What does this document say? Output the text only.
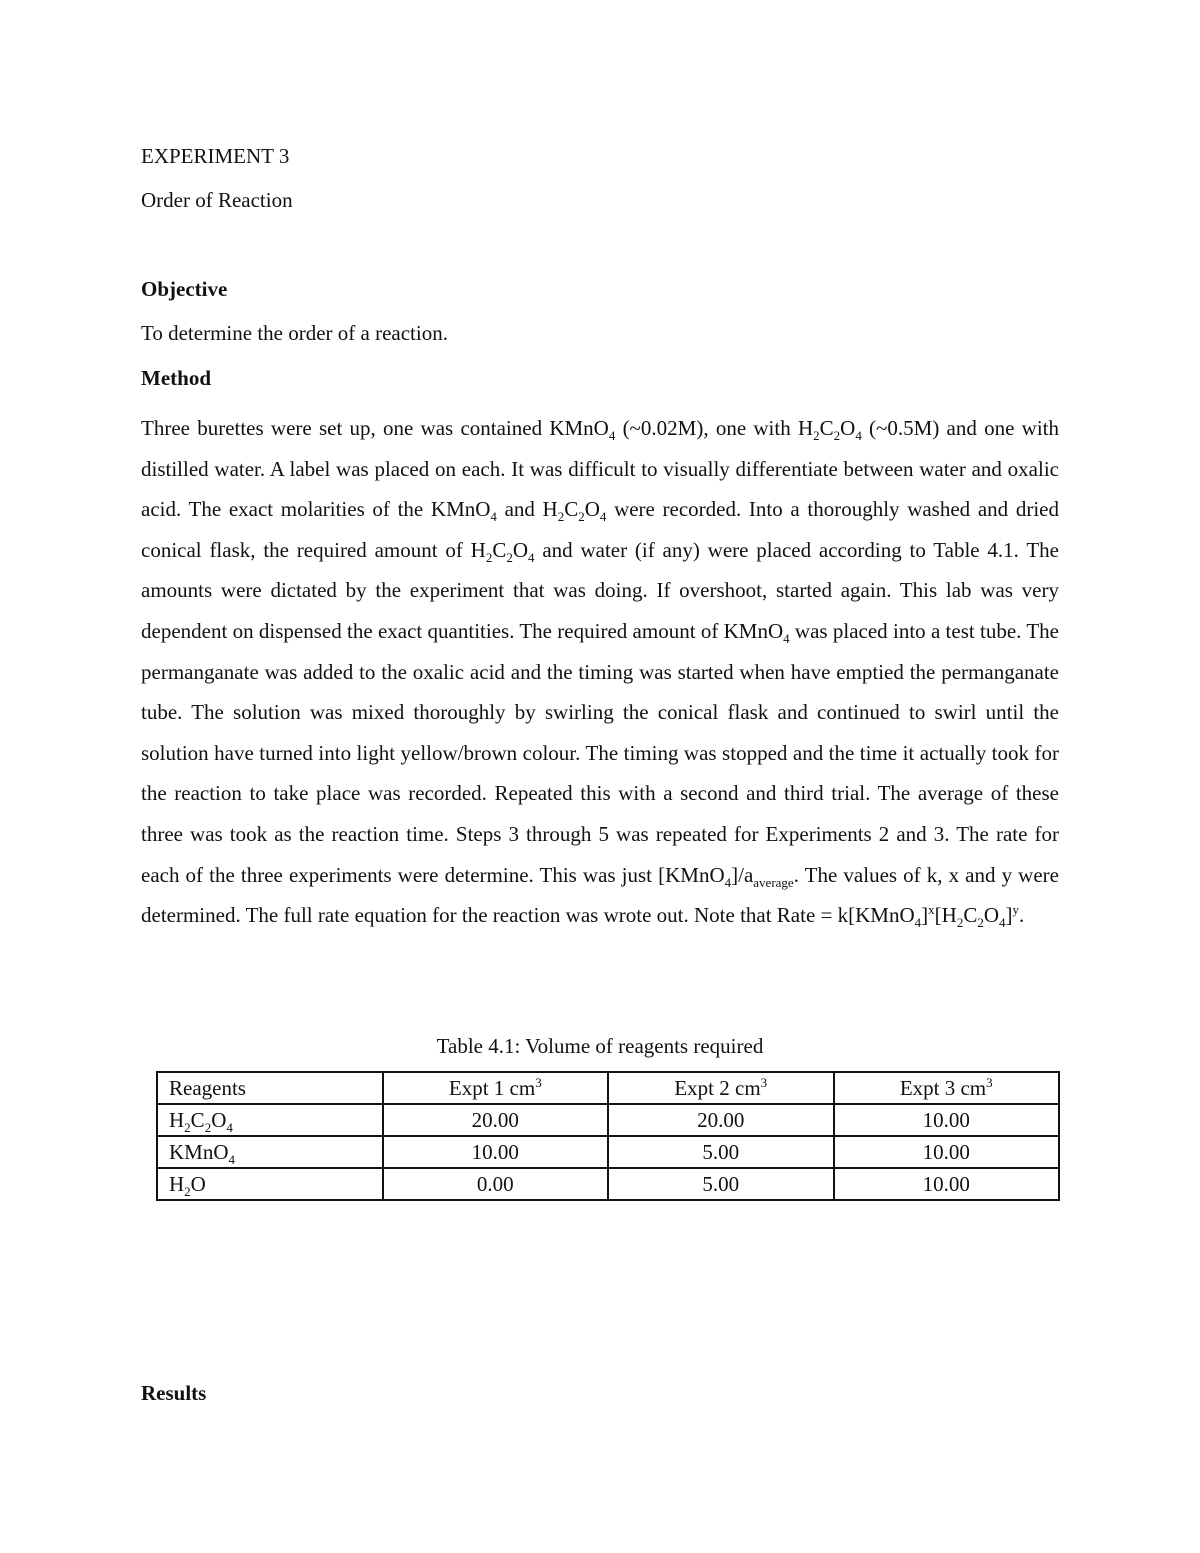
EXPERIMENT 3
Order of Reaction
Objective
To determine the order of a reaction.
Method
Three burettes were set up, one was contained KMnO$_4$ (~0.02M), one with $H_2C_2O_4$ (~0.5M) and one with distilled water. A label was placed on each. It was difficult to visually differentiate between water and oxalic acid. The exact molarities of the KMnO$_4$ and $H_2C_2O_4$ were recorded. Into a thoroughly washed and dried conical flask, the required amount of $H_2C_2O_4$ and water (if any) were placed according to Table 4.1. The amounts were dictated by the experiment that was doing. If overshoot, started again. This lab was very dependent on dispensed the exact quantities. The required amount of KMnO$_4$ was placed into a test tube. The permanganate was added to the oxalic acid and the timing was started when have emptied the permanganate tube. The solution was mixed thoroughly by swirling the conical flask and continued to swirl until the solution have turned into light yellow/brown colour. The timing was stopped and the time it actually took for the reaction to take place was recorded. Repeated this with a second and third trial. The average of these three was took as the reaction time. Steps 3 through 5 was repeated for Experiments 2 and 3. The rate for each of the three experiments were determine. This was just $[KMnO_4]/a_{average}$. The values of k, x and y were determined. The full rate equation for the reaction was wrote out. Note that Rate = $k[KMnO_4]^x[H_2C_2O_4]^y$.
Table 4.1: Volume of reagents required
Reagents	Expt 1 $cm^3$	Expt 2 $cm^3$	Expt 3 $cm^3$
$H_2C_2O_4$	20.00	20.00	10.00
KMnO$_4$	10.00	5.00	10.00
$H_2O$	0.00	5.00	10.00
Results
